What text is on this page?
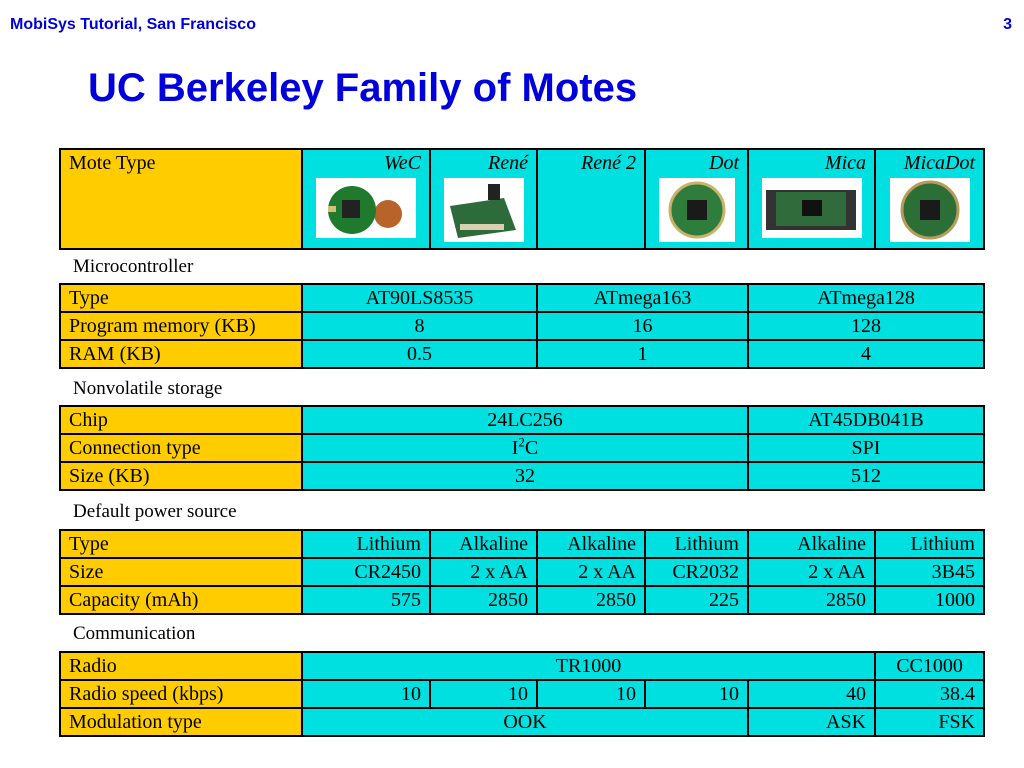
MobiSys Tutorial, San Francisco	3
UC Berkeley Family of Motes
Mote Type	WeC	René	René 2	Dot	Mica	MicaDot
Microcontroller
Type	AT90LS8535	ATmega163	ATmega128
Program memory (KB)	8	16	128
RAM (KB)	0.5	1	4
Nonvolatile storage
Chip	24LC256	AT45DB041B
Connection type	$I^2C$	SPI
Size (KB)	32	512
Default power source
Type	Lithium	Alkaline	Alkaline	Lithium	Alkaline	Lithium
Size	CR2450	2 x AA	2 x AA	CR2032	2 x AA	3B45
Capacity (mAh)	575	2850	2850	225	2850	1000
Communication
Radio	TR1000					CC1000
Radio speed (kbps)	10	10	10	10	40	38.4
Modulation type	OOK				ASK	FSK
